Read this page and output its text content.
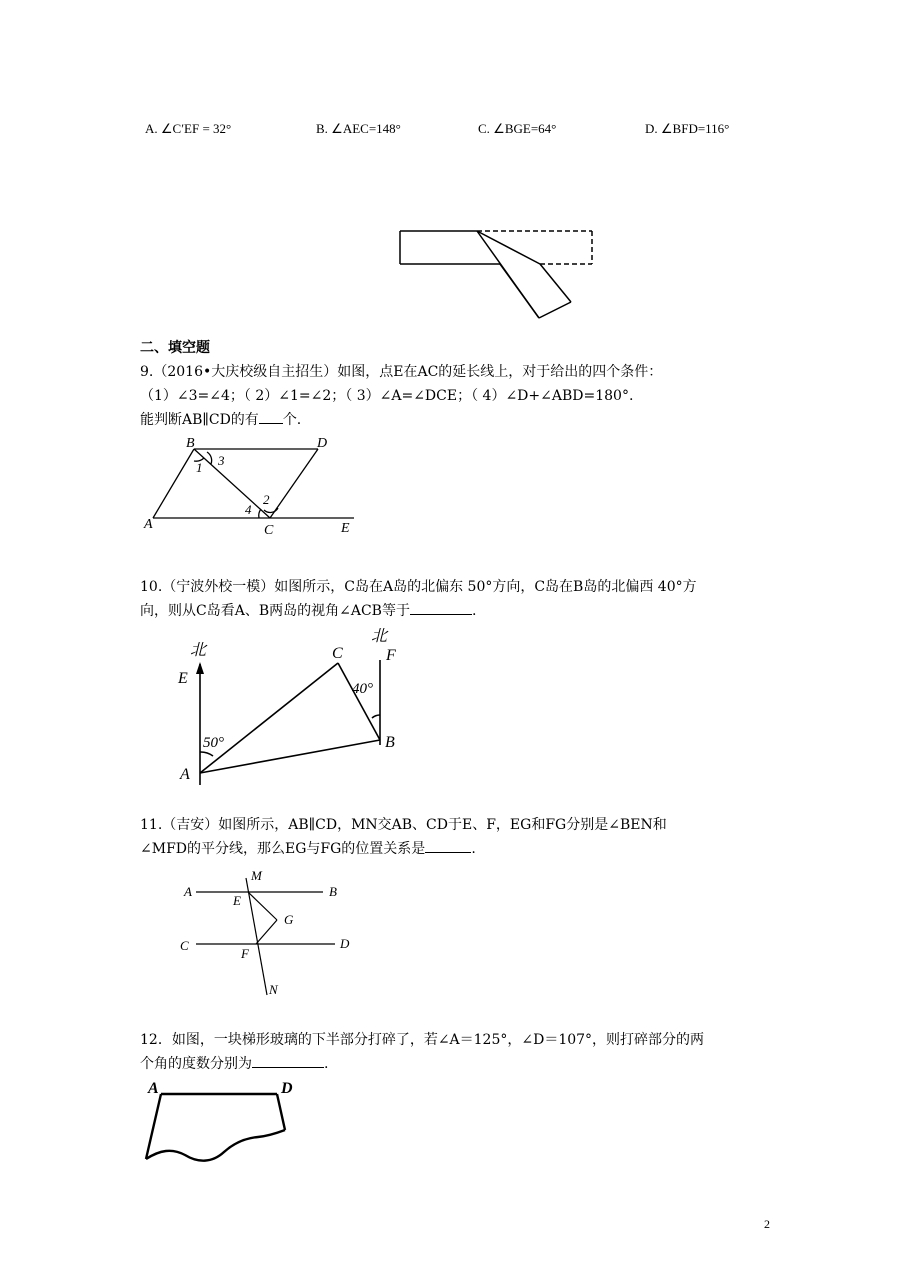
A. ∠C′EF = 32°	B. ∠AEC=148°	C. ∠BGE=64°	D. ∠BFD=116°
二、填空题
9.（2016•大庆校级自主招生）如图，点E在AC的延长线上，对于给出的四个条件：
（1）∠3=∠4；（ 2）∠1=∠2；（ 3）∠A=∠DCE；（ 4）∠D+∠ABD=180°.
能判断AB∥CD的有 个.
B	D
A	C	E
1 3
2
4
10.（宁波外校一模）如图所示，C岛在A岛的北偏东 50°方向，C岛在B岛的北偏西 40°方
向，则从C岛看A、B两岛的视角∠ACB等于	.
北
北
E
F
C
A
B
50°
40°
11.（吉安）如图所示，AB∥CD，MN交AB、CD于E、F，EG和FG分别是∠BEN和
∠MFD的平分线，那么EG与FG的位置关系是	.
A	B
C	D
E
F
G
M
N
12．如图，一块梯形玻璃的下半部分打碎了，若∠A＝125°，∠D＝107°，则打碎部分的两
个角的度数分别为	.
A	D
2
